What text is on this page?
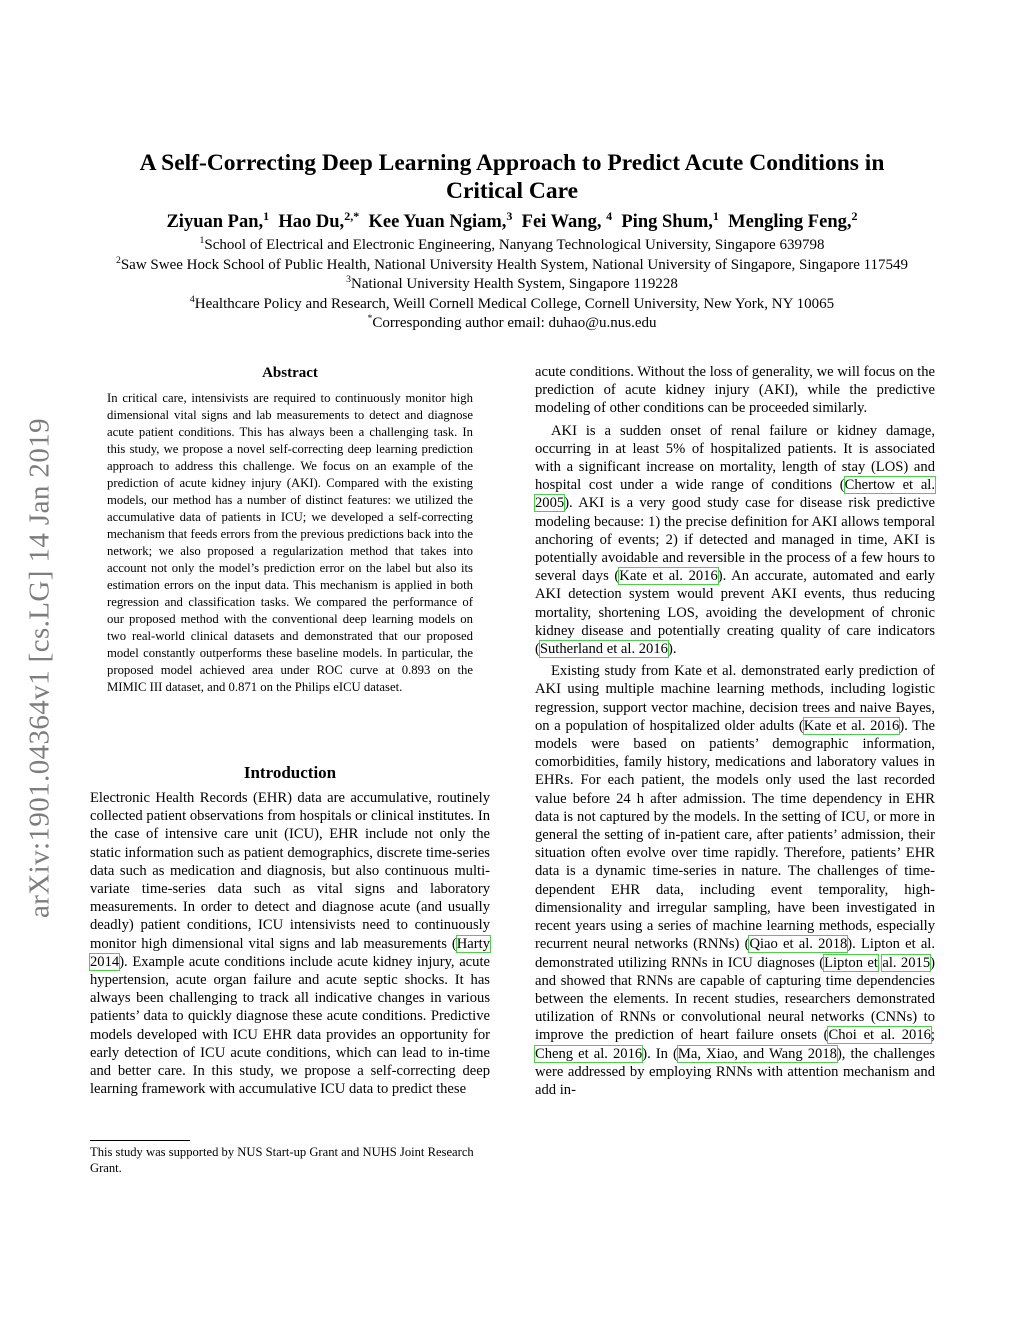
arXiv:1901.04364v1 [cs.LG] 14 Jan 2019
A Self-Correcting Deep Learning Approach to Predict Acute Conditions in
Critical Care
Ziyuan Pan,$^1$ Hao Du,$^{2,*}$ Kee Yuan Ngiam,$^3$ Fei Wang, $^4$ Ping Shum,$^1$ Mengling Feng,$^2$
$^1$School of Electrical and Electronic Engineering, Nanyang Technological University, Singapore 639798
$^2$Saw Swee Hock School of Public Health, National University Health System, National University of Singapore, Singapore 117549
$^3$National University Health System, Singapore 119228
$^4$Healthcare Policy and Research, Weill Cornell Medical College, Cornell University, New York, NY 10065
*Corresponding author email: duhao@u.nus.edu
Abstract
In critical care, intensivists are required to continuously monitor high dimensional vital signs and lab measurements to detect and diagnose acute patient conditions. This has always been a challenging task. In this study, we propose a novel self-correcting deep learning prediction approach to address this challenge. We focus on an example of the prediction of acute kidney injury (AKI). Compared with the existing models, our method has a number of distinct features: we utilized the accumulative data of patients in ICU; we developed a self-correcting mechanism that feeds errors from the previous predictions back into the network; we also proposed a regularization method that takes into account not only the model’s prediction error on the label but also its estimation errors on the input data. This mechanism is applied in both regression and classification tasks. We compared the performance of our proposed method with the conventional deep learning models on two real-world clinical datasets and demonstrated that our proposed model constantly outperforms these baseline models. In particular, the proposed model achieved area under ROC curve at 0.893 on the MIMIC III dataset, and 0.871 on the Philips eICU dataset.
Introduction
Electronic Health Records (EHR) data are accumulative, routinely collected patient observations from hospitals or clinical institutes. In the case of intensive care unit (ICU), EHR include not only the static information such as patient demographics, discrete time-series data such as medication and diagnosis, but also continuous multi-variate time-series data such as vital signs and laboratory measurements. In order to detect and diagnose acute (and usually deadly) patient conditions, ICU intensivists need to continuously monitor high dimensional vital signs and lab measurements (Harty 2014). Example acute conditions include acute kidney injury, acute hypertension, acute organ failure and acute septic shocks. It has always been challenging to track all indicative changes in various patients’ data to quickly diagnose these acute conditions. Predictive models developed with ICU EHR data provides an opportunity for early detection of ICU acute conditions, which can lead to in-time and better care. In this study, we propose a self-correcting deep learning framework with accumulative ICU data to predict these
This study was supported by NUS Start-up Grant and NUHS Joint Research Grant.

acute conditions. Without the loss of generality, we will focus on the prediction of acute kidney injury (AKI), while the predictive modeling of other conditions can be proceeded similarly.

AKI is a sudden onset of renal failure or kidney damage, occurring in at least 5% of hospitalized patients. It is associated with a significant increase on mortality, length of stay (LOS) and hospital cost under a wide range of conditions (Chertow et al. 2005). AKI is a very good study case for disease risk predictive modeling because: 1) the precise definition for AKI allows temporal anchoring of events; 2) if detected and managed in time, AKI is potentially avoidable and reversible in the process of a few hours to several days (Kate et al. 2016). An accurate, automated and early AKI detection system would prevent AKI events, thus reducing mortality, shortening LOS, avoiding the development of chronic kidney disease and potentially creating quality of care indicators (Sutherland et al. 2016).

Existing study from Kate et al. demonstrated early prediction of AKI using multiple machine learning methods, including logistic regression, support vector machine, decision trees and naive Bayes, on a population of hospitalized older adults (Kate et al. 2016). The models were based on patients’ demographic information, comorbidities, family history, medications and laboratory values in EHRs. For each patient, the models only used the last recorded value before 24 h after admission. The time dependency in EHR data is not captured by the models. In the setting of ICU, or more in general the setting of in-patient care, after patients’ admission, their situation often evolve over time rapidly. Therefore, patients’ EHR data is a dynamic time-series in nature. The challenges of time-dependent EHR data, including event temporality, high-dimensionality and irregular sampling, have been investigated in recent years using a series of machine learning methods, especially recurrent neural networks (RNNs) (Qiao et al. 2018). Lipton et al. demonstrated utilizing RNNs in ICU diagnoses (Lipton et al. 2015) and showed that RNNs are capable of capturing time dependencies between the elements. In recent studies, researchers demonstrated utilization of RNNs or convolutional neural networks (CNNs) to improve the prediction of heart failure onsets (Choi et al. 2016; Cheng et al. 2016). In (Ma, Xiao, and Wang 2018), the challenges were addressed by employing RNNs with attention mechanism and add in-
